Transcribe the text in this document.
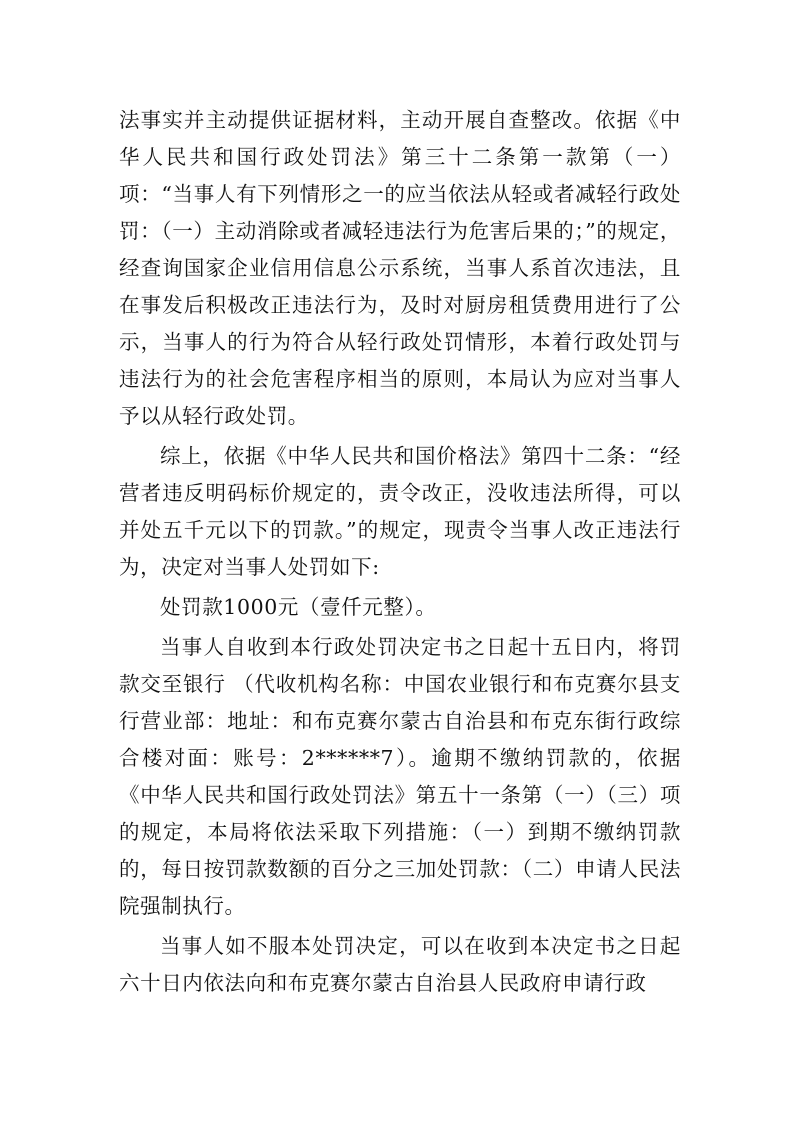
法事实并主动提供证据材料，主动开展自查整改。依据《中华人民共和国行政处罚法》第三十二条第一款第（一）项：“当事人有下列情形之一的应当依法从轻或者减轻行政处罚：（一）主动消除或者减轻违法行为危害后果的；”的规定，经查询国家企业信用信息公示系统，当事人系首次违法，且在事发后积极改正违法行为，及时对厨房租赁费用进行了公示，当事人的行为符合从轻行政处罚情形，本着行政处罚与违法行为的社会危害程序相当的原则，本局认为应对当事人予以从轻行政处罚。

综上，依据《中华人民共和国价格法》第四十二条：“经营者违反明码标价规定的，责令改正，没收违法所得，可以并处五千元以下的罚款。”的规定，现责令当事人改正违法行为，决定对当事人处罚如下:

处罚款1000元（壹仟元整）。

当事人自收到本行政处罚决定书之日起十五日内，将罚款交至银行 （代收机构名称：中国农业银行和布克赛尔县支行营业部：地址：和布克赛尔蒙古自治县和布克东街行政综合楼对面：账号：2******7）。逾期不缴纳罚款的，依据《中华人民共和国行政处罚法》第五十一条第（一）（三）项的规定，本局将依法采取下列措施：（一）到期不缴纳罚款的，每日按罚款数额的百分之三加处罚款：（二）申请人民法院强制执行。

当事人如不服本处罚决定，可以在收到本决定书之日起六十日内依法向和布克赛尔蒙古自治县人民政府申请行政
